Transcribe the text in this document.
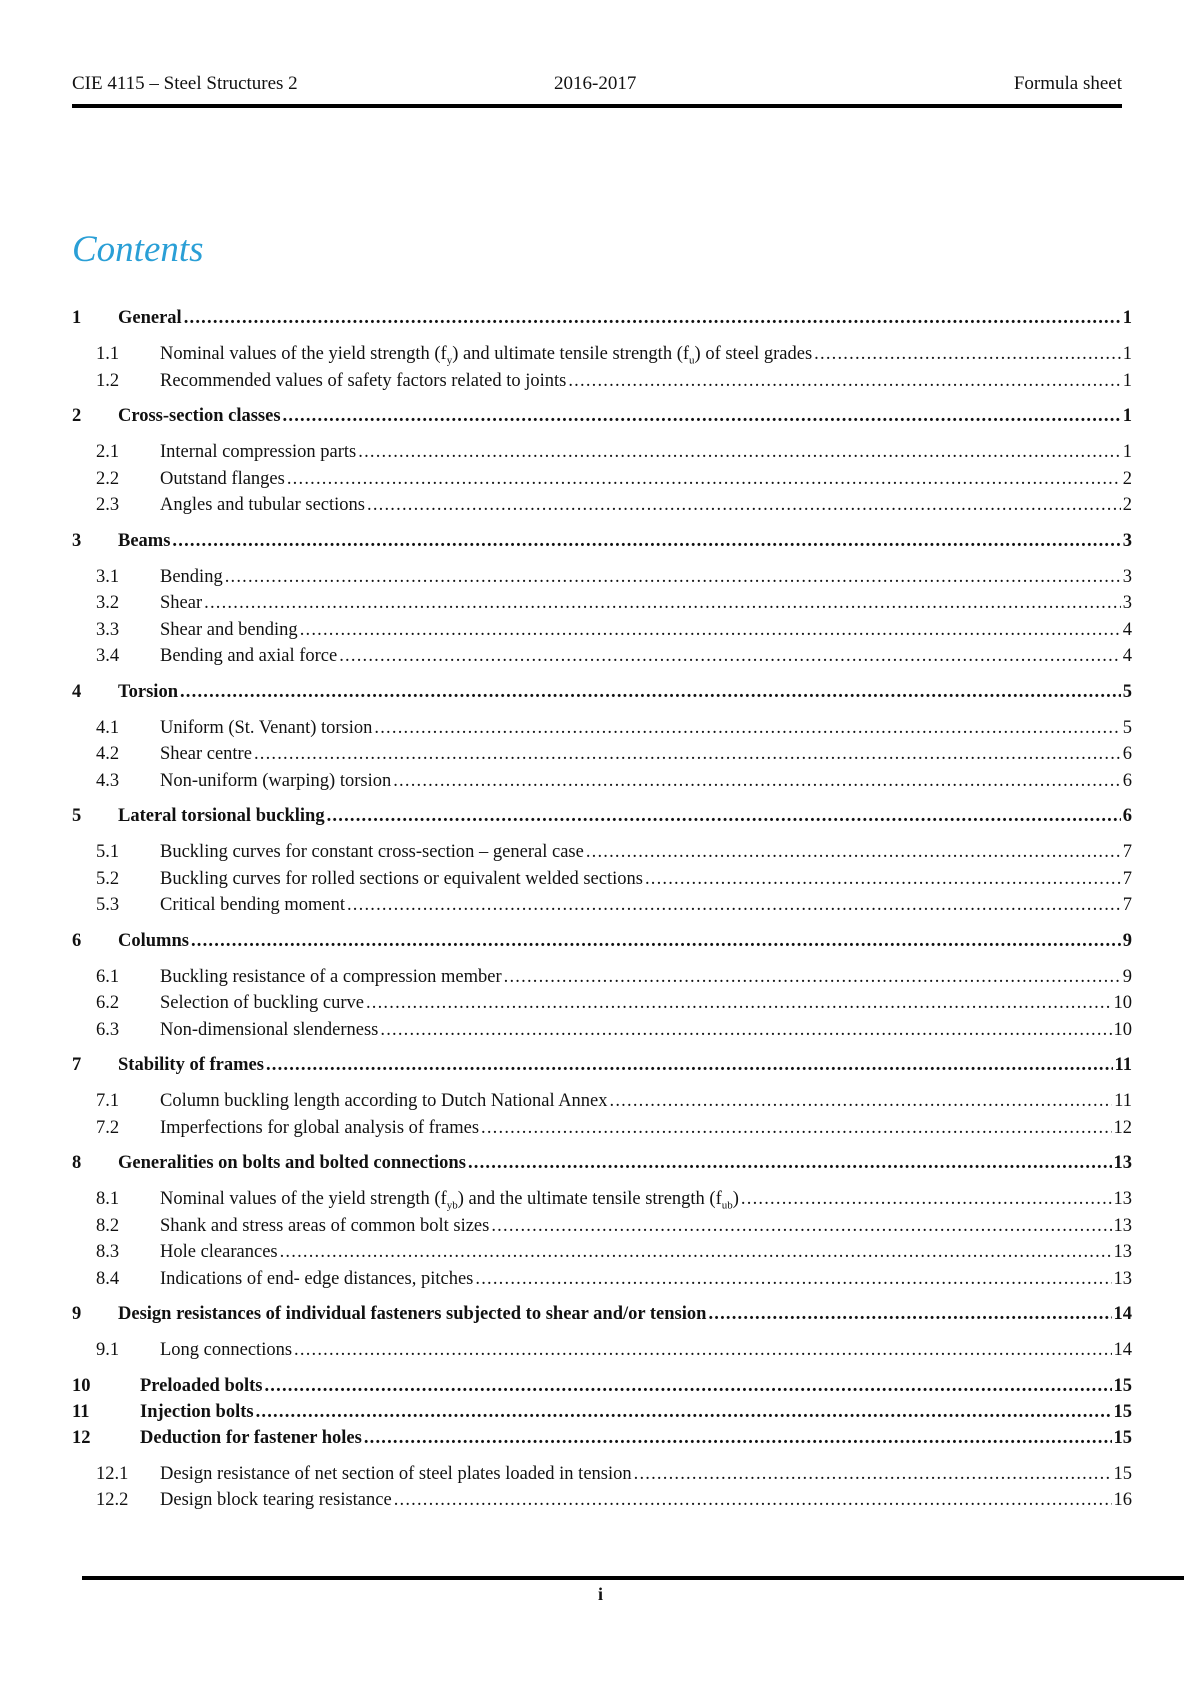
CIE 4115 – Steel Structures 2	2016-2017	Formula sheet
Contents
1	General .....	1
1.1	Nominal values of the yield strength $(f_y)$ and ultimate tensile strength $(f_u)$ of steel grades .....	1
1.2	Recommended values of safety factors related to joints .....	1
2	Cross-section classes .....	1
2.1	Internal compression parts .....	1
2.2	Outstand flanges .....	2
2.3	Angles and tubular sections .....	2
3	Beams .....	3
3.1	Bending .....	3
3.2	Shear .....	3
3.3	Shear and bending .....	4
3.4	Bending and axial force .....	4
4	Torsion .....	5
4.1	Uniform (St. Venant) torsion .....	5
4.2	Shear centre .....	6
4.3	Non-uniform (warping) torsion .....	6
5	Lateral torsional buckling .....	6
5.1	Buckling curves for constant cross-section – general case .....	7
5.2	Buckling curves for rolled sections or equivalent welded sections .....	7
5.3	Critical bending moment .....	7
6	Columns .....	9
6.1	Buckling resistance of a compression member .....	9
6.2	Selection of buckling curve .....	10
6.3	Non-dimensional slenderness .....	10
7	Stability of frames .....	11
7.1	Column buckling length according to Dutch National Annex .....	11
7.2	Imperfections for global analysis of frames .....	12
8	Generalities on bolts and bolted connections .....	13
8.1	Nominal values of the yield strength $(f_{yb})$ and the ultimate tensile strength $(f_{ub})$ .....	13
8.2	Shank and stress areas of common bolt sizes .....	13
8.3	Hole clearances .....	13
8.4	Indications of end- edge distances, pitches .....	13
9	Design resistances of individual fasteners subjected to shear and/or tension .....	14
9.1	Long connections .....	14
10	Preloaded bolts .....	15
11	Injection bolts .....	15
12	Deduction for fastener holes .....	15
12.1	Design resistance of net section of steel plates loaded in tension .....	15
12.2	Design block tearing resistance .....	16
i
